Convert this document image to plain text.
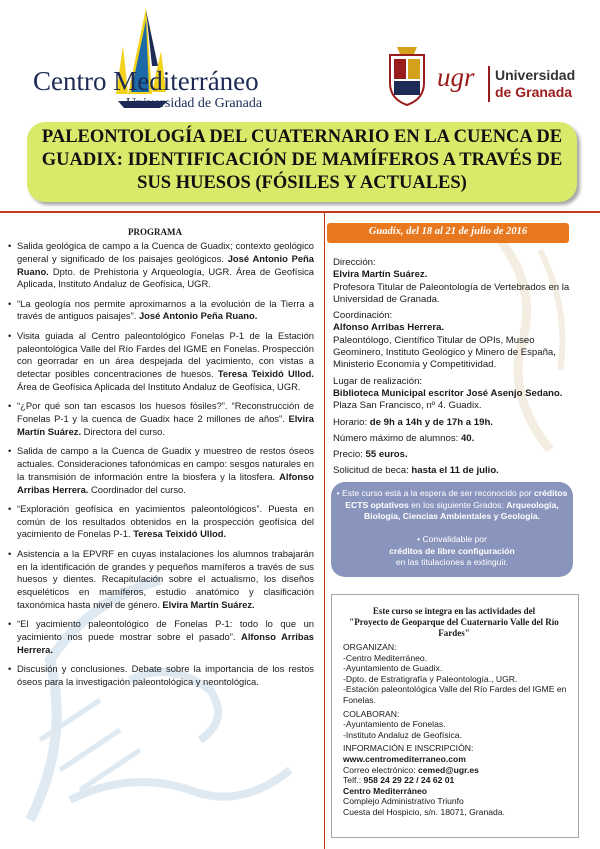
Centro Mediterráneo
Universidad de Granada
ugr Universidad
de Granada
PALEONTOLOGÍA DEL CUATERNARIO EN LA CUENCA DE GUADIX: IDENTIFICACIÓN DE MAMÍFEROS A TRAVÉS DE SUS HUESOS (FÓSILES Y ACTUALES)
PROGRAMA
• Salida geológica de campo a la Cuenca de Guadix; contexto geológico general y significado de los paisajes geológicos. José Antonio Peña Ruano. Dpto. de Prehistoria y Arqueología, UGR. Área de Geofísica Aplicada, Instituto Andaluz de Geofísica, UGR.
• “La geología nos permite aproximarnos a la evolución de la Tierra a través de antiguos paisajes”. José Antonio Peña Ruano.
• Visita guiada al Centro paleontológico Fonelas P-1 de la Estación paleontológica Valle del Río Fardes del IGME en Fonelas. Prospección con georradar en un área despejada del yacimiento, con vistas a detectar posibles concentraciones de huesos. Teresa Teixidó Ullod. Área de Geofísica Aplicada del Instituto Andaluz de Geofísica, UGR.
• “¿Por qué son tan escasos los huesos fósiles?”. “Reconstrucción de Fonelas P-1 y la cuenca de Guadix hace 2 millones de años”. Elvira Martín Suárez. Directora del curso.
• Salida de campo a la Cuenca de Guadix y muestreo de restos óseos actuales. Consideraciones tafonómicas en campo: sesgos naturales en la transmisión de información entre la biosfera y la litosfera. Alfonso Arribas Herrera. Coordinador del curso.
• “Exploración geofísica en yacimientos paleontológicos”. Puesta en común de los resultados obtenidos en la prospección geofísica del yacimiento de Fonelas P-1. Teresa Teixidó Ullod.
• Asistencia a la EPVRF en cuyas instalaciones los alumnos trabajarán en la identificación de grandes y pequeños mamíferos a través de sus huesos y dientes. Recapitulación sobre el actualismo, los diseños esqueléticos en mamíferos, estudio anatómico y clasificación taxonómica hasta nivel de género. Elvira Martín Suárez.
• “El yacimiento paleontológico de Fonelas P-1: todo lo que un yacimiento nos puede mostrar sobre el pasado”. Alfonso Arribas Herrera.
• Discusión y conclusiones. Debate sobre la importancia de los restos óseos para la investigación paleontológica y neontológica.
Guadix, del 18 al 21 de julio de 2016

Dirección:
Elvira Martín Suárez.
Profesora Titular de Paleontología de Vertebrados en la Universidad de Granada.

Coordinación:
Alfonso Arribas Herrera.
Paleontólogo, Científico Titular de OPIs, Museo Geominero, Instituto Geológico y Minero de España, Ministerio Economía y Competitividad.

Lugar de realización:
Biblioteca Municipal escritor José Asenjo Sedano. Plaza San Francisco, nº 4. Guadix.

Horario: de 9h a 14h y de 17h a 19h.

Número máximo de alumnos: 40.

Precio: 55 euros.

Solicitud de beca: hasta el 11 de julio.

• Este curso está a la espera de ser reconocido por créditos ECTS optativos en los siguiente Grados: Arqueología, Biología, Ciencias Ambientales y Geología.

• Convalidable por
créditos de libre configuración
en las titulaciones a extinguir.
Este curso se integra en las actividades del
"Proyecto de Geoparque del Cuaternario Valle del Río Fardes"

ORGANIZAN:
-Centro Mediterráneo.
-Ayuntamiento de Guadix.
-Dpto. de Estratigrafía y Paleontología., UGR.
-Estación paleontológica Valle del Río Fardes del IGME en Fonelas.

COLABORAN:
-Ayuntamiento de Fonelas.
-Instituto Andaluz de Geofísica.

INFORMACIÓN E INSCRIPCIÓN:
www.centromediterraneo.com
Correo electrónico: cemed@ugr.es
Telf.: 958 24 29 22 / 24 62 01
Centro Mediterráneo
Complejo Administrativo Triunfo
Cuesta del Hospicio, s/n. 18071, Granada.
